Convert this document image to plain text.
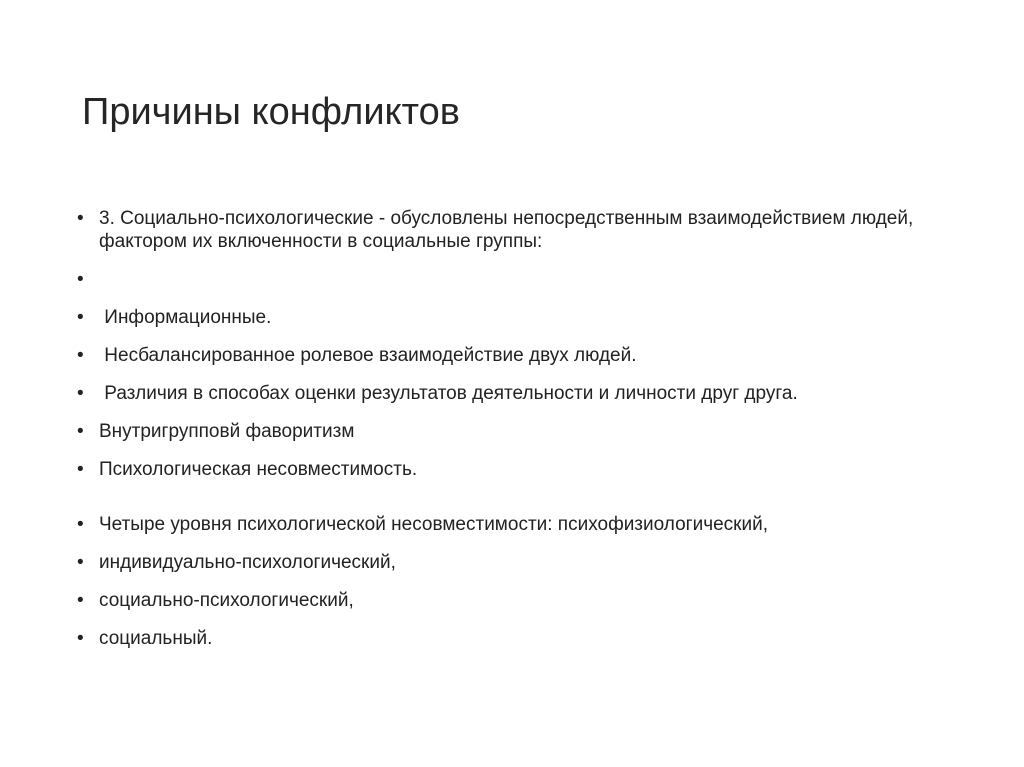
Причины конфликтов
• 3. Социально-психологические - обусловлены непосредственным взаимодействием людей, фактором их включенности в социальные группы:
•
•	Информационные.
•	Несбалансированное ролевое взаимодействие двух людей.
•	Различия в способах оценки результатов деятельности и личности друг друга.
• Внутригрупповй фаворитизм
• Психологическая несовместимость.
• Четыре уровня психологической несовместимости: психофизиологический,
• индивидуально-психологический,
• социально-психологический,
• социальный.
